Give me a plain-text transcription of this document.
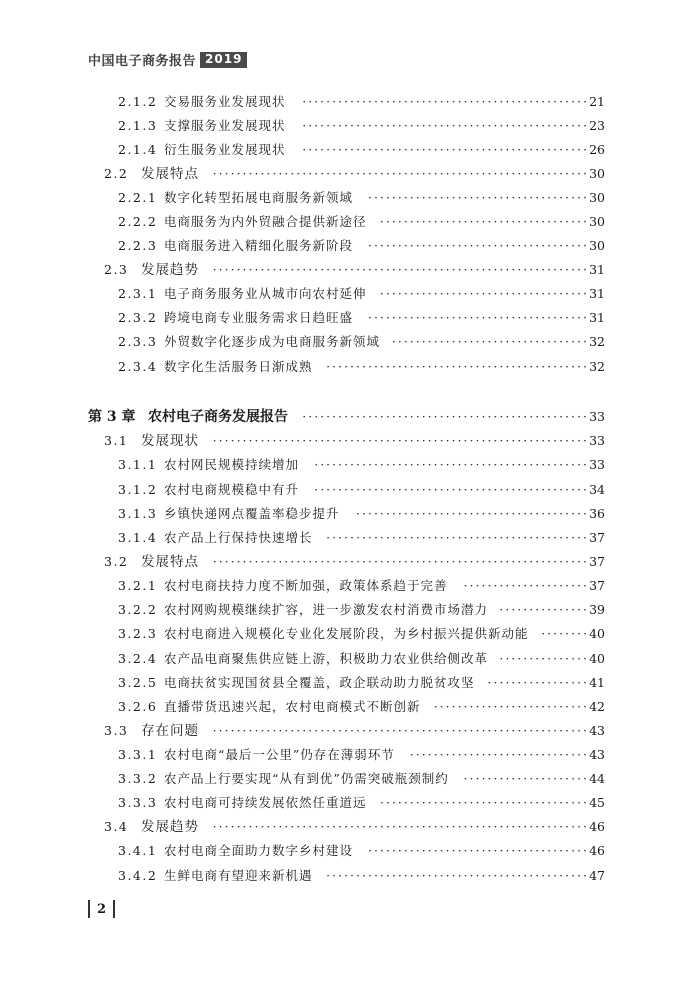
中国电子商务报告 2019
2.1.2 交易服务业发展现状	················································ 21
2.1.3 支撑服务业发展现状	················································ 23
2.1.4 衍生服务业发展现状	················································ 26
2.2 发展特点 ······························································· 30
2.2.1 数字化转型拓展电商服务新领域	····································· 30
2.2.2 电商服务为内外贸融合提供新途径 ··································· 30
2.2.3 电商服务进入精细化服务新阶段	····································· 30
2.3 发展趋势 ······························································· 31
2.3.1 电子商务服务业从城市向农村延伸 ··································· 31
2.3.2 跨境电商专业服务需求日趋旺盛	····································· 31
2.3.3 外贸数字化逐步成为电商服务新领域 ································· 32
2.3.4 数字化生活服务日渐成熟 ············································ 32
第 3 章 农村电子商务发展报告	················································ 33
3.1 发展现状 ······························································· 33
3.1.1 农村网民规模持续增加	·············································· 33
3.1.2 农村电商规模稳中有升	·············································· 34
3.1.3 乡镇快递网点覆盖率稳步提升	······································· 36
3.1.4 农产品上行保持快速增长 ············································ 37
3.2 发展特点 ······························································· 37
3.2.1 农村电商扶持力度不断加强，政策体系趋于完善	····················· 37
3.2.2 农村网购规模继续扩容，进一步激发农村消费市场潜力 ··············· 39
3.2.3 农村电商进入规模化专业化发展阶段，为乡村振兴提供新动能 ········ 40
3.2.4 农产品电商聚焦供应链上游，积极助力农业供给侧改革 ··············· 40
3.2.5 电商扶贫实现国贫县全覆盖，政企联动助力脱贫攻坚 ················· 41
3.2.6 直播带货迅速兴起，农村电商模式不断创新 ·························· 42
3.3 存在问题 ······························································· 43
3.3.1 农村电商“最后一公里”仍存在薄弱环节	······························ 43
3.3.2 农产品上行要实现“从有到优”仍需突破瓶颈制约	····················· 44
3.3.3 农村电商可持续发展依然任重道远 ··································· 45
3.4 发展趋势 ······························································· 46
3.4.1 农村电商全面助力数字乡村建设	····································· 46
3.4.2 生鲜电商有望迎来新机遇 ············································ 47
2
